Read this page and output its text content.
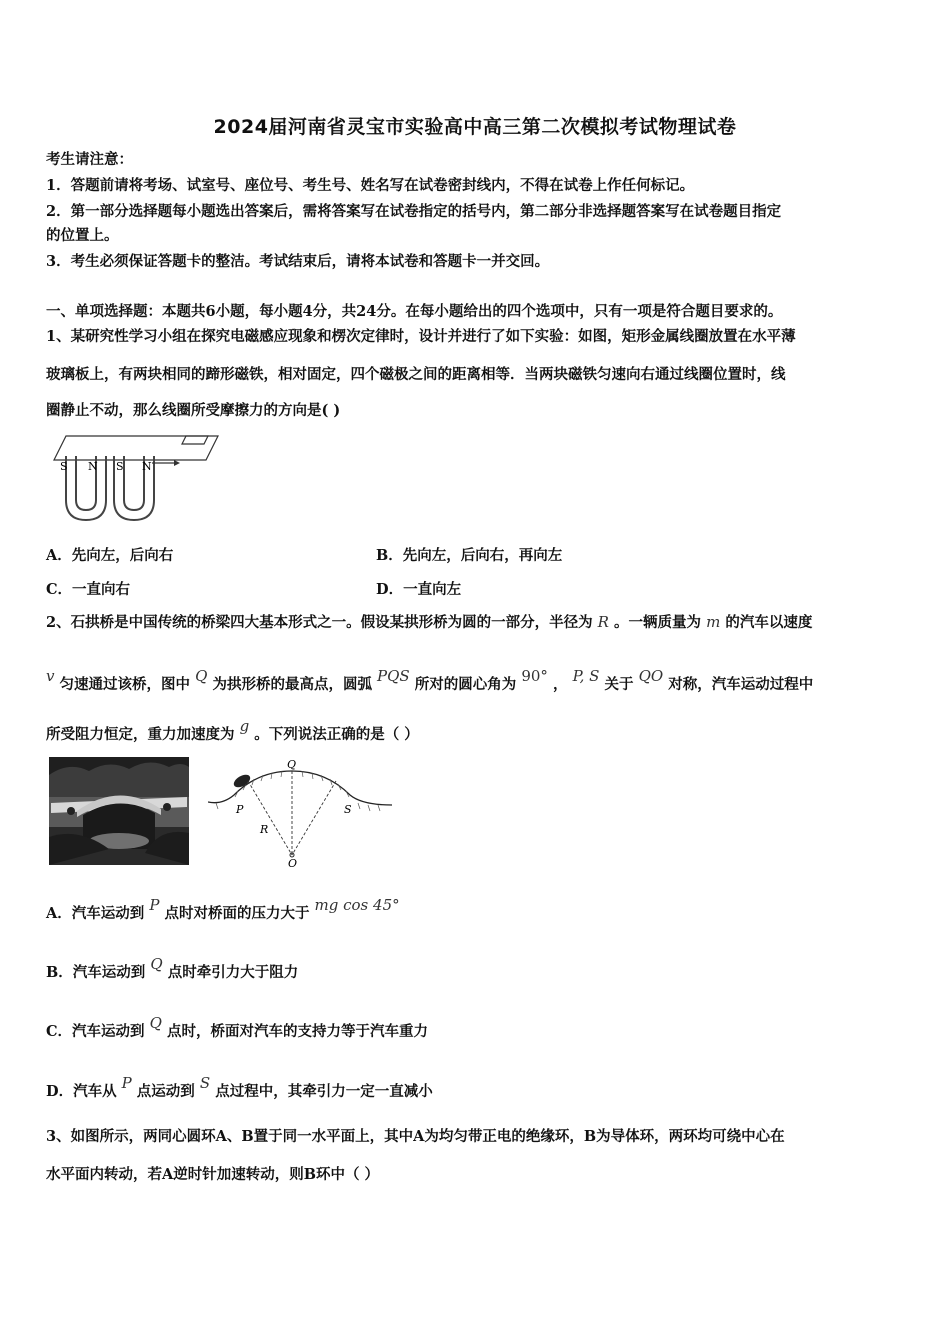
2024届河南省灵宝市实验高中高三第二次模拟考试物理试卷
考生请注意：
1．答题前请将考场、试室号、座位号、考生号、姓名写在试卷密封线内，不得在试卷上作任何标记。
2．第一部分选择题每小题选出答案后，需将答案写在试卷指定的括号内，第二部分非选择题答案写在试卷题目指定
的位置上。
3．考生必须保证答题卡的整洁。考试结束后，请将本试卷和答题卡一并交回。
一、单项选择题：本题共6小题，每小题4分，共24分。在每小题给出的四个选项中，只有一项是符合题目要求的。
1、某研究性学习小组在探究电磁感应现象和楞次定律时，设计并进行了如下实验：如图，矩形金属线圈放置在水平薄
玻璃板上，有两块相同的蹄形磁铁，相对固定，四个磁极之间的距离相等．当两块磁铁匀速向右通过线圈位置时，线
圈静止不动，那么线圈所受摩擦力的方向是( )
S N S N
A．先向左，后向右	B．先向左，后向右，再向左
C．一直向右	D．一直向左
2、石拱桥是中国传统的桥梁四大基本形式之一。假设某拱形桥为圆的一部分，半径为 R 。一辆质量为 m 的汽车以速度
v 匀速通过该桥，图中 Q 为拱形桥的最高点，圆弧 PQS 所对的圆心角为 90° ， P, S 关于 QO 对称，汽车运动过程中
所受阻力恒定，重力加速度为 g 。下列说法正确的是（ ）
Q
P	S
R
O
A．汽车运动到 P 点时对桥面的压力大于 mg cos 45°
B．汽车运动到 Q 点时牵引力大于阻力
C．汽车运动到 Q 点时，桥面对汽车的支持力等于汽车重力
D．汽车从 P 点运动到 S 点过程中，其牵引力一定一直减小
3、如图所示，两同心圆环A、B置于同一水平面上，其中A为均匀带正电的绝缘环，B为导体环，两环均可绕中心在
水平面内转动，若A逆时针加速转动，则B环中（ ）
